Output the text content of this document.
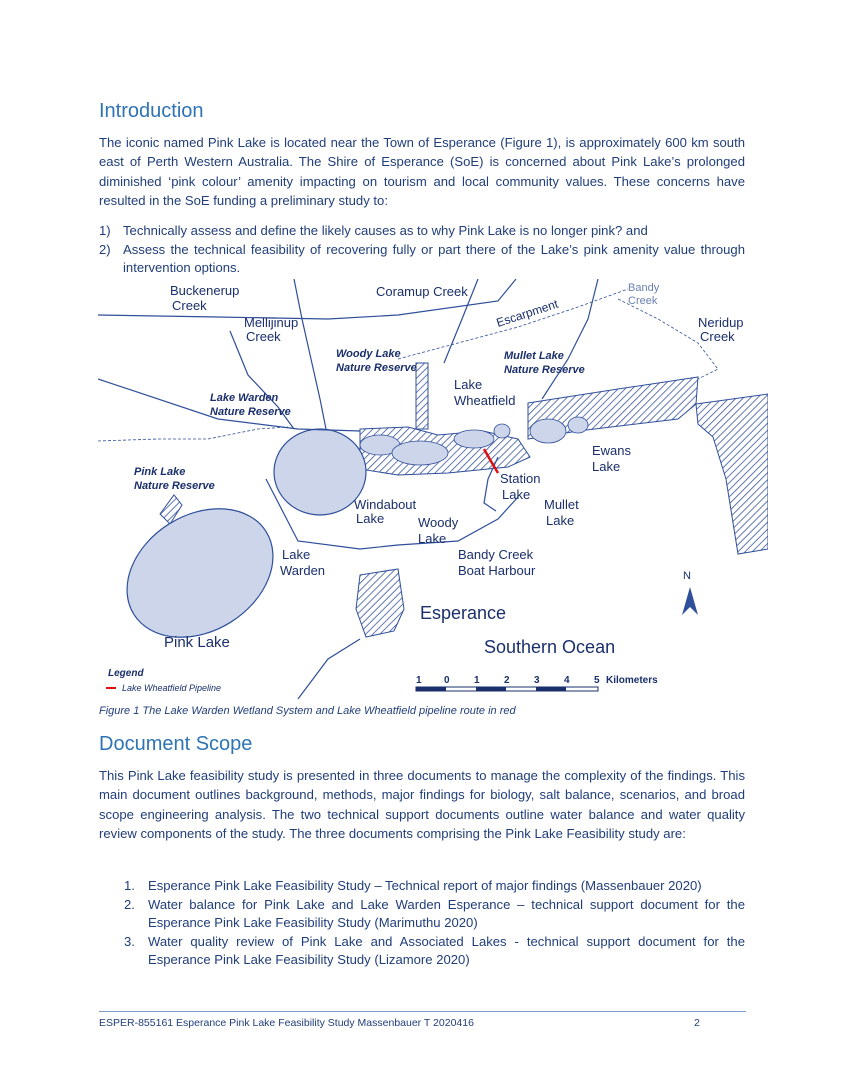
Introduction

The iconic named Pink Lake is located near the Town of Esperance (Figure 1), is approximately 600 km south east of Perth Western Australia. The Shire of Esperance (SoE) is concerned about Pink Lake’s prolonged diminished ‘pink colour’ amenity impacting on tourism and local community values. These concerns have resulted in the SoE funding a preliminary study to:

1) Technically assess and define the likely causes as to why Pink Lake is no longer pink? and
2) Assess the technical feasibility of recovering fully or part there of the Lake’s pink amenity value through intervention options.
Buckenerup
Creek
Coramup Creek	Bandy
Creek
Mellijinup
Creek
Escarpment	Neridup
Creek
Woody Lake
Nature Reserve
Mullet Lake
Nature Reserve
Lake
Wheatfield
Lake Warden
Nature Reserve
Ewans
Lake
Pink Lake
Nature Reserve	Station
Lake
Windabout
Lake
Mullet
Lake
Woody
Lake
Lake
Warden
Bandy Creek
Boat Harbour	N
Esperance
Southern Ocean
Pink Lake
Legend
Lake Wheatfield Pipeline
1 0 1 2 3 4 5 Kilometers
Figure 1 The Lake Warden Wetland System and Lake Wheatfield pipeline route in red
Document Scope

This Pink Lake feasibility study is presented in three documents to manage the complexity of the findings. This main document outlines background, methods, major findings for biology, salt balance, scenarios, and broad scope engineering analysis. The two technical support documents outline water balance and water quality review components of the study. The three documents comprising the Pink Lake Feasibility study are:

1. Esperance Pink Lake Feasibility Study – Technical report of major findings (Massenbauer 2020)
2. Water balance for Pink Lake and Lake Warden Esperance – technical support document for the Esperance Pink Lake Feasibility Study (Marimuthu 2020)
3. Water quality review of Pink Lake and Associated Lakes - technical support document for the Esperance Pink Lake Feasibility Study (Lizamore 2020)
ESPER-855161 Esperance Pink Lake Feasibility Study Massenbauer T 2020416	2
